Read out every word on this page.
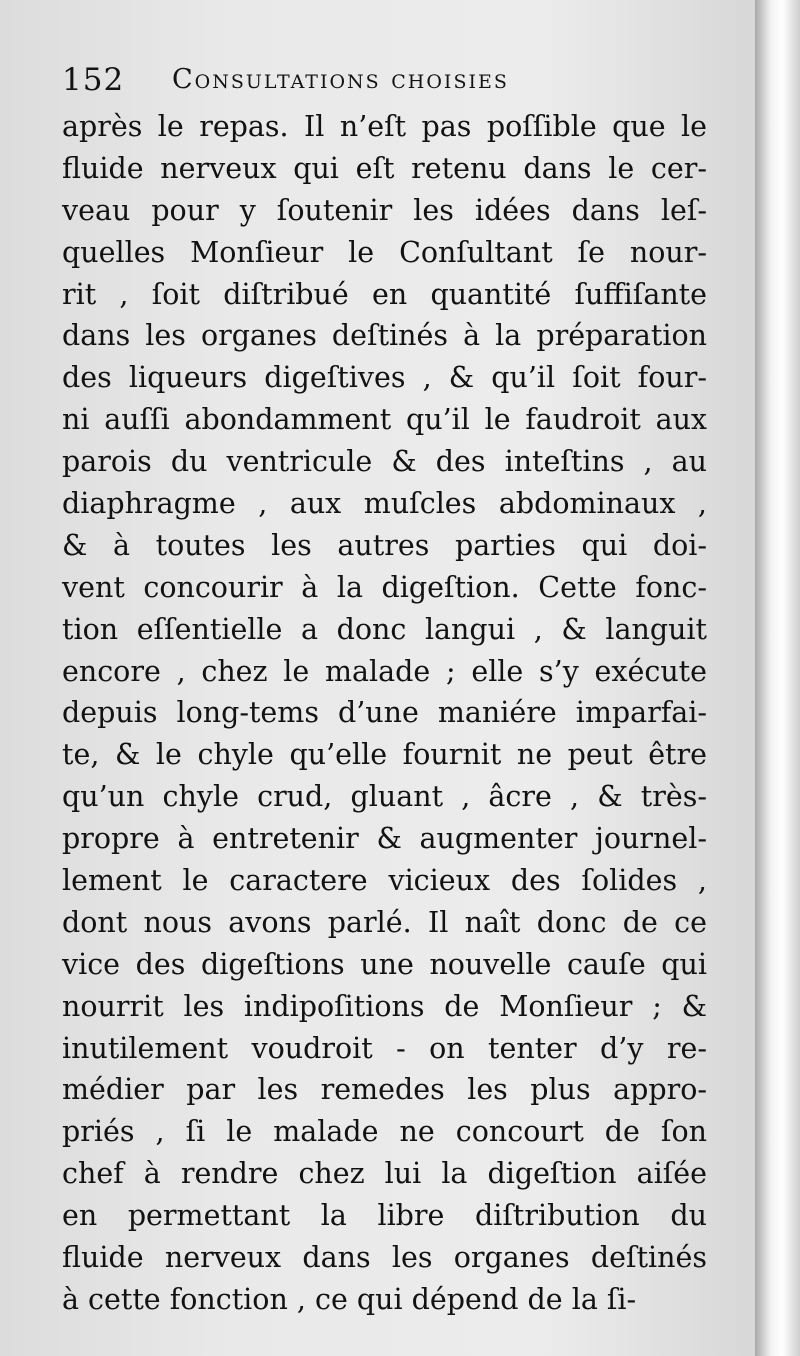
152 Consultations choisies
après le repas. Il n’eſt pas poſſible que le
fluide nerveux qui eſt retenu dans le cer-
veau pour y ſoutenir les idées dans leſ-
quelles Monſieur le Conſultant ſe nour-
rit , ſoit diſtribué en quantité ſuffiſante
dans les organes deſtinés à la préparation
des liqueurs digeſtives , & qu’il ſoit four-
ni auſſi abondamment qu’il le faudroit aux
parois du ventricule & des inteſtins , au
diaphragme , aux muſcles abdominaux ,
& à toutes les autres parties qui doi-
vent concourir à la digeſtion. Cette fonc-
tion eſſentielle a donc langui , & languit
encore , chez le malade ; elle s’y exécute
depuis long-tems d’une maniére imparfai-
te, & le chyle qu’elle fournit ne peut être
qu’un chyle crud, gluant , âcre , & très-
propre à entretenir & augmenter journel-
lement le caractere vicieux des ſolides ,
dont nous avons parlé. Il naît donc de ce
vice des digeſtions une nouvelle cauſe qui
nourrit les indipoſitions de Monſieur ; &
inutilement voudroit - on tenter d’y re-
médier par les remedes les plus appro-
priés , ſi le malade ne concourt de ſon
chef à rendre chez lui la digeſtion aiſée
en permettant la libre diſtribution du
fluide nerveux dans les organes deſtinés
à cette fonction , ce qui dépend de la ſi-
